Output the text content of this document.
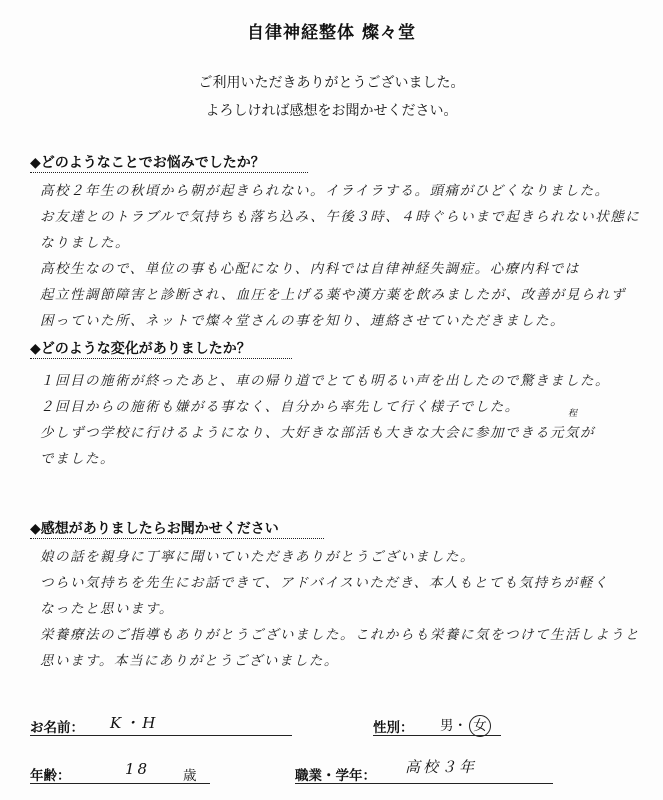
自律神経整体 燦々堂
ご利用いただきありがとうございました。
よろしければ感想をお聞かせください。
◆どのようなことでお悩みでしたか？

高校２年生の秋頃から朝が起きられない。イライラする。頭痛がひどくなりました。

お友達とのトラブルで気持ちも落ち込み、午後３時、４時ぐらいまで起きられない状態に

なりました。

高校生なので、単位の事も心配になり、内科では自律神経失調症。心療内科では

起立性調節障害と診断され、血圧を上げる薬や漢方薬を飲みましたが、改善が見られず

困っていた所、ネットで燦々堂さんの事を知り、連絡させていただきました。

◆どのような変化がありましたか？

１回目の施術が終ったあと、車の帰り道でとても明るい声を出したので驚きました。

２回目からの施術も嫌がる事なく、自分から率先して行く様子でした。

少しずつ学校に行けるようになり、大好きな部活も大きな大会に参加できる元気が

でました。

程
◆感想がありましたらお聞かせください

娘の話を親身に丁寧に聞いていただきありがとうございました。

つらい気持ちを先生にお話できて、アドバイスいただき、本人もとても気持ちが軽く

なったと思います。

栄養療法のご指導もありがとうございました。これからも栄養に気をつけて生活しようと

思います。本当にありがとうございました。

お名前： K・H	性別： 男・ 女
年齢：	18 歳	職業・学年： 高校３年
